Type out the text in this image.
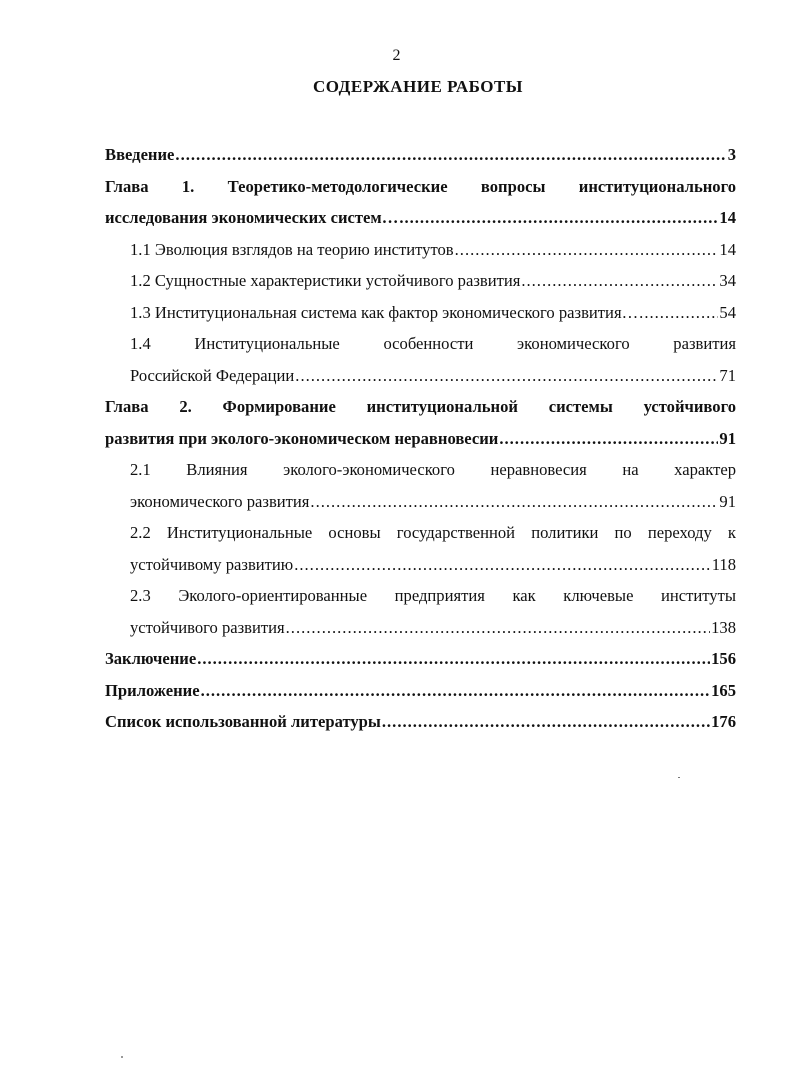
2
СОДЕРЖАНИЕ РАБОТЫ
Введение .....	3
Глава 1. Теоретико-методологические вопросы институционального
исследования экономических систем… .....	14
1.1 Эволюция взглядов на теорию институтов .....	14
1.2 Сущностные характеристики устойчивого развития .....	34
1.3 Институциональная система как фактор экономического развития… .....	54
1.4 Институциональные особенности экономического развития
Российской Федерации .....	71
Глава 2. Формирование институциональной системы устойчивого
развития при эколого-экономическом неравновесии .....	91
2.1 Влияния эколого-экономического неравновесия на характер
экономического развития .....	91
2.2 Институциональные основы государственной политики по переходу к
устойчивому развитию .....	118
2.3 Эколого-ориентированные предприятия как ключевые институты
устойчивого развития .....	138
Заключение .....	156
Приложение .....	165
Список использованной литературы .....	176
